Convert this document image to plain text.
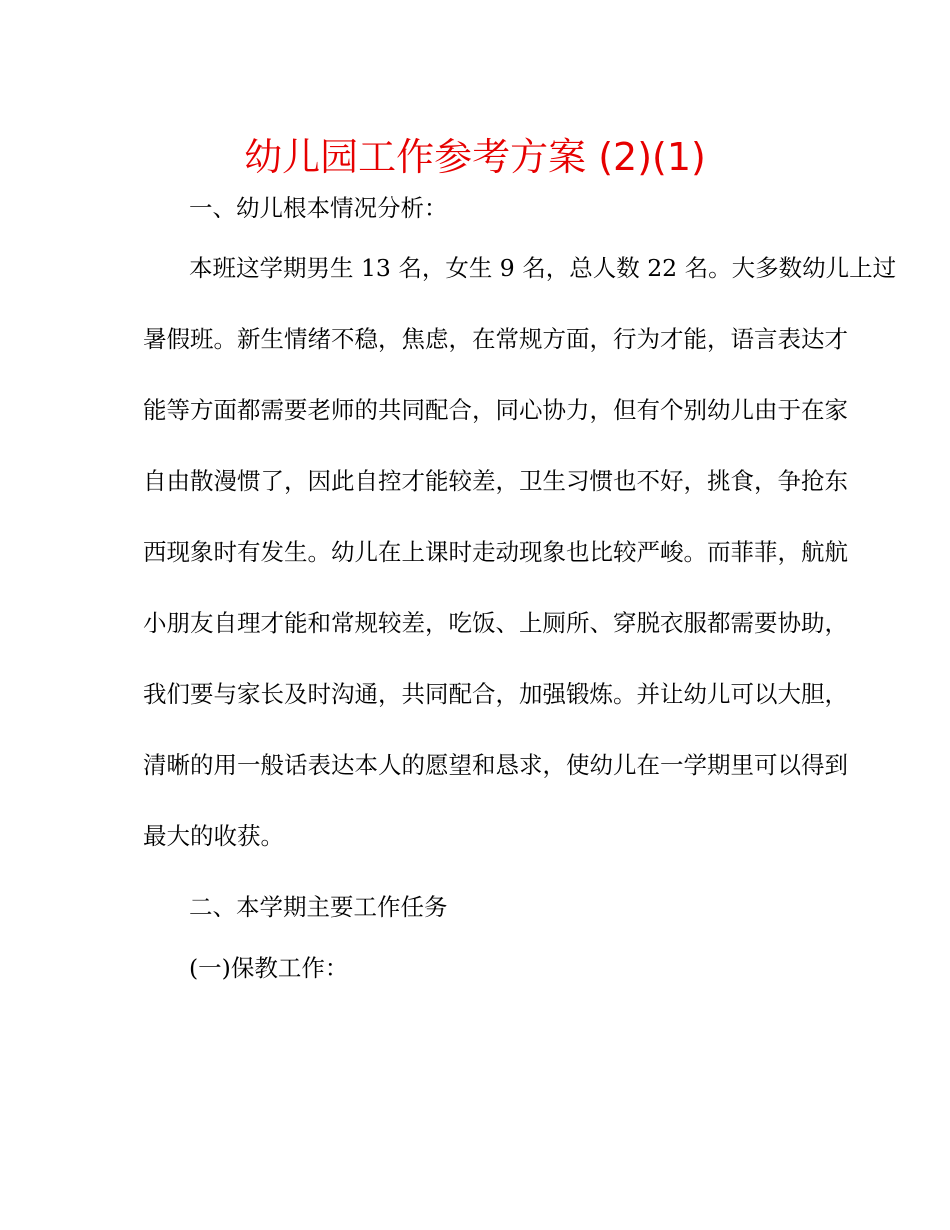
幼儿园工作参考方案 (2)(1)

一、幼儿根本情况分析：

本班这学期男生 13 名，女生 9 名，总人数 22 名。大多数幼儿上过

暑假班。新生情绪不稳，焦虑，在常规方面，行为才能，语言表达才

能等方面都需要老师的共同配合，同心协力，但有个别幼儿由于在家

自由散漫惯了，因此自控才能较差，卫生习惯也不好，挑食，争抢东

西现象时有发生。幼儿在上课时走动现象也比较严峻。而菲菲，航航

小朋友自理才能和常规较差，吃饭、上厕所、穿脱衣服都需要协助，

我们要与家长及时沟通，共同配合，加强锻炼。并让幼儿可以大胆，

清晰的用一般话表达本人的愿望和恳求，使幼儿在一学期里可以得到

最大的收获。

二、本学期主要工作任务

(一)保教工作：
